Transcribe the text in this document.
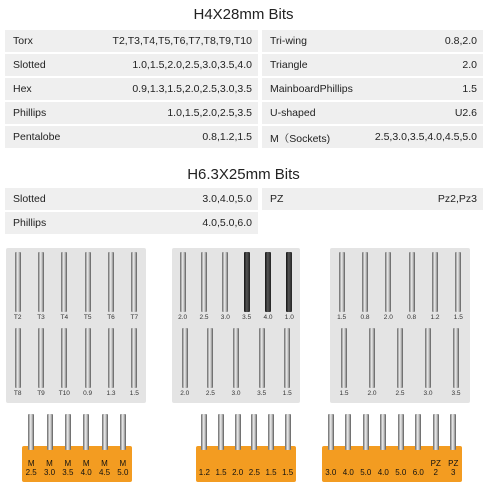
H4X28mm Bits
Torx	T2,T3,T4,T5,T6,T7,T8,T9,T10
Slotted	1.0,1.5,2.0,2.5,3.0,3.5,4.0
Hex	0.9,1.3,1.5,2.0,2.5,3.0,3.5
Phillips	1.0,1.5,2.0,2.5,3.5
Pentalobe	0.8,1.2,1.5
Tri-wing	0.8,2.0
Triangle	2.0
MainboardPhillips	1.5
U-shaped	U2.6
M（Sockets)	2.5,3.0,3.5,4.0,4.5,5.0
H6.3X25mm Bits
Slotted	3.0,4.0,5.0
Phillips	4.0,5.0,6.0
PZ	Pz2,Pz3
T2	T3	T4	T5	T6	T7
T8	T9	T10	0.9	1.3	1.5
2.0	2.5	3.0	3.5	4.0	1.0
2.0	2.5	3.0	3.5	1.5
1.5	0.8	2.0	0.8	1.2	1.5
1.5	2.0	2.5	3.0	3.5
M
2.5
M
3.0
M
3.5
M
4.0
M
4.5
M
5.0	1.2 1.5 2.0 2.5 1.5 1.5	3.0 4.0 5.0 4.0 5.0 6.0
PZ
2
PZ
3
